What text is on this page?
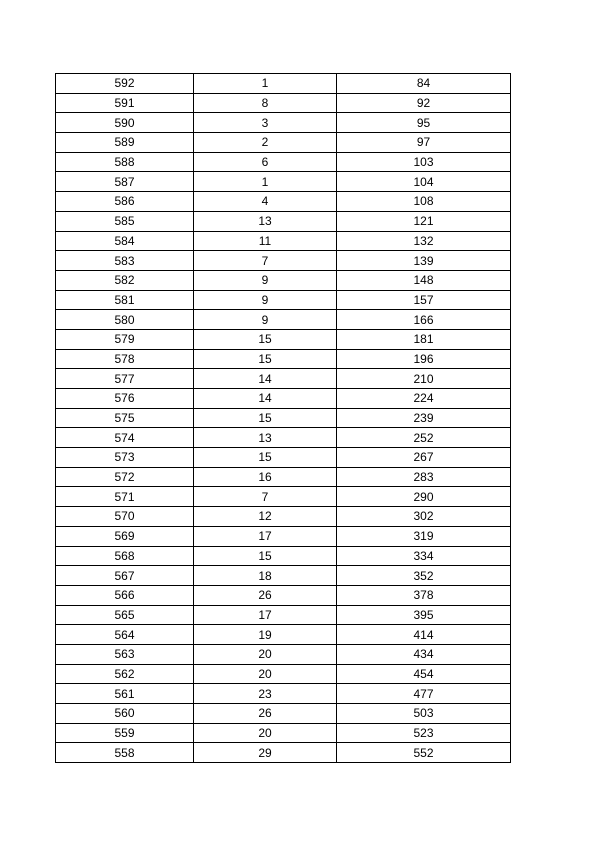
592	1	84
591	8	92
590	3	95
589	2	97
588	6	103
587	1	104
586	4	108
585	13	121
584	11	132
583	7	139
582	9	148
581	9	157
580	9	166
579	15	181
578	15	196
577	14	210
576	14	224
575	15	239
574	13	252
573	15	267
572	16	283
571	7	290
570	12	302
569	17	319
568	15	334
567	18	352
566	26	378
565	17	395
564	19	414
563	20	434
562	20	454
561	23	477
560	26	503
559	20	523
558	29	552
